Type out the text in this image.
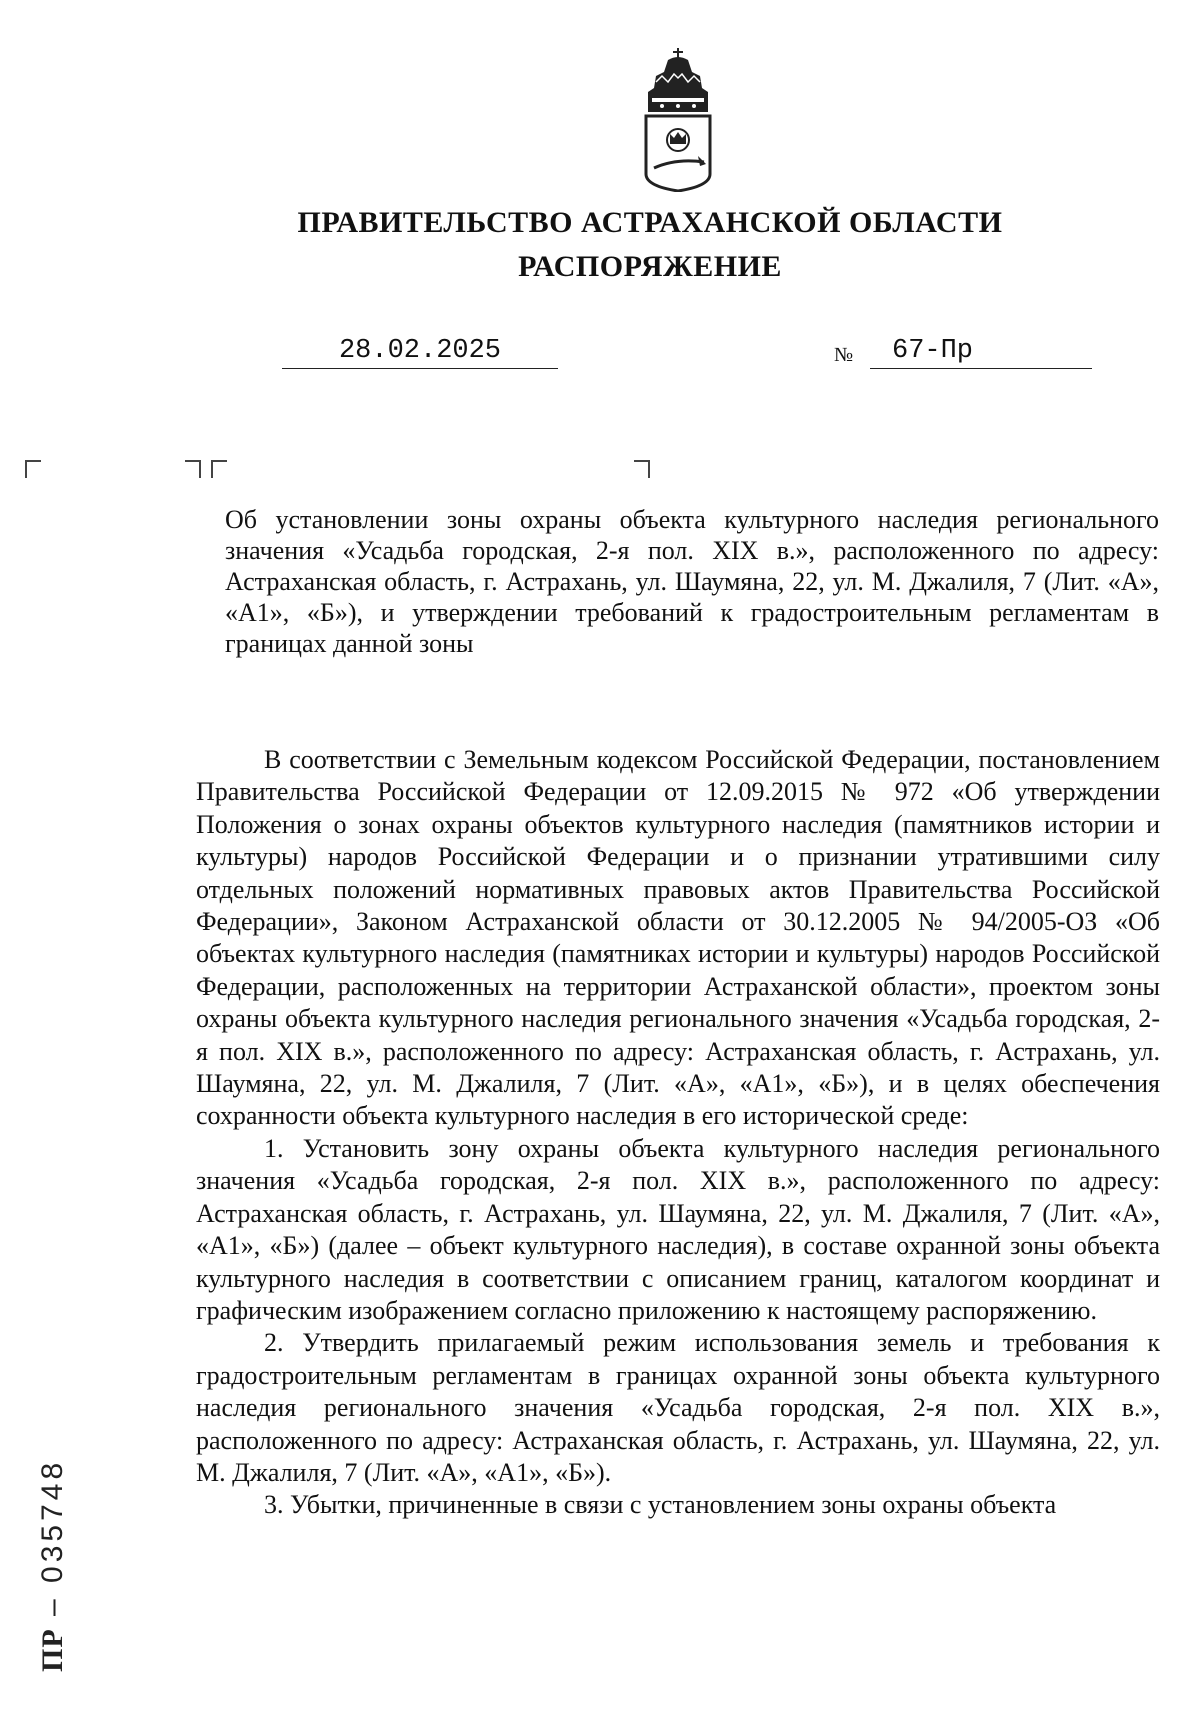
ПРАВИТЕЛЬСТВО АСТРАХАНСКОЙ ОБЛАСТИ
РАСПОРЯЖЕНИЕ
28.02.2025	№	67-Пр
Об установлении зоны охраны объекта культурного наследия регионального значения «Усадьба городская, 2-я пол. XIX в.», расположенного по адресу: Астраханская область, г. Астрахань, ул. Шаумяна, 22, ул. М. Джалиля, 7 (Лит. «А», «А1», «Б»), и утверждении требований к градостроительным регламентам в границах данной зоны

В соответствии с Земельным кодексом Российской Федерации, постановлением Правительства Российской Федерации от 12.09.2015 № 972 «Об утверждении Положения о зонах охраны объектов культурного наследия (памятников истории и культуры) народов Российской Федерации и о признании утратившими силу отдельных положений нормативных правовых актов Правительства Российской Федерации», Законом Астраханской области от 30.12.2005 № 94/2005-ОЗ «Об объектах культурного наследия (памятниках истории и культуры) народов Российской Федерации, расположенных на территории Астраханской области», проектом зоны охраны объекта культурного наследия регионального значения «Усадьба городская, 2-я пол. XIX в.», расположенного по адресу: Астраханская область, г. Астрахань, ул. Шаумяна, 22, ул. М. Джалиля, 7 (Лит. «А», «А1», «Б»), и в целях обеспечения сохранности объекта культурного наследия в его исторической среде:

1. Установить зону охраны объекта культурного наследия регионального значения «Усадьба городская, 2-я пол. XIX в.», расположенного по адресу: Астраханская область, г. Астрахань, ул. Шаумяна, 22, ул. М. Джалиля, 7 (Лит. «А», «А1», «Б») (далее – объект культурного наследия), в составе охранной зоны объекта культурного наследия в соответствии с описанием границ, каталогом координат и графическим изображением согласно приложению к настоящему распоряжению.

2. Утвердить прилагаемый режим использования земель и требования к градостроительным регламентам в границах охранной зоны объекта культурного наследия регионального значения «Усадьба городская, 2-я пол. XIX в.», расположенного по адресу: Астраханская область, г. Астрахань, ул. Шаумяна, 22, ул. М. Джалиля, 7 (Лит. «А», «А1», «Б»).

3. Убытки, причиненные в связи с установлением зоны охраны объекта

ПР – 035748
